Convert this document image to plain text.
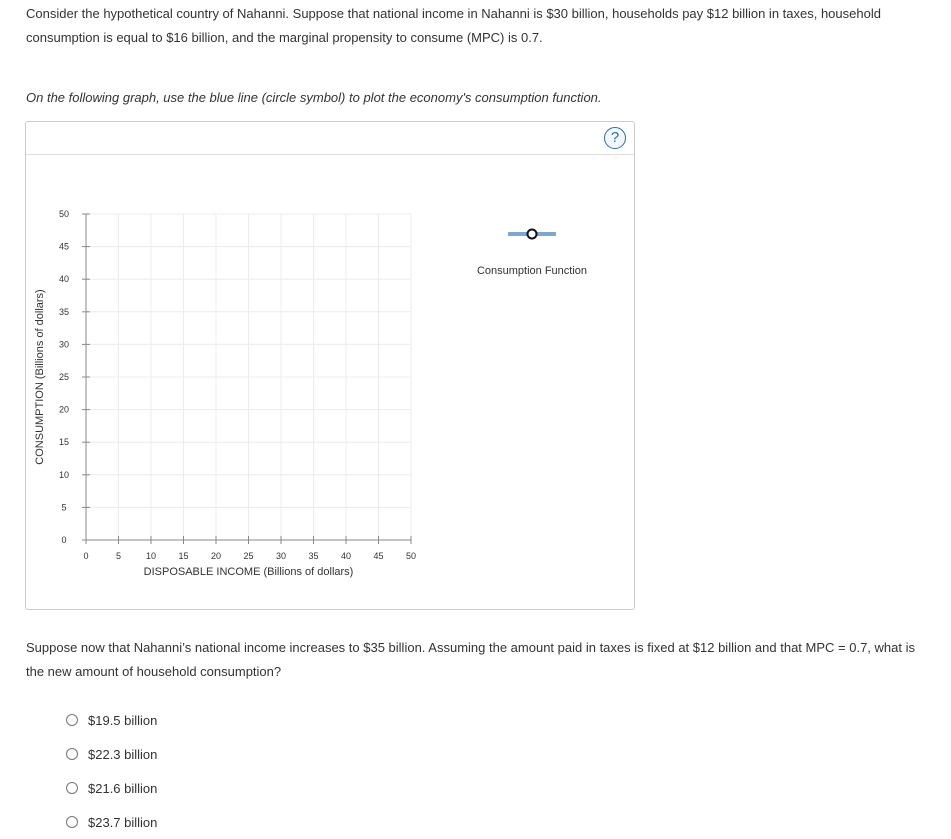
Consider the hypothetical country of Nahanni. Suppose that national income in Nahanni is $30 billion, households pay $12 billion in taxes, household consumption is equal to $16 billion, and the marginal propensity to consume (MPC) is 0.7.

On the following graph, use the blue line (circle symbol) to plot the economy's consumption function.

?
0	5	10 15 20 25 30 35 40 45 50
0
5
10
15
20
25
30
35
40
45
50
DISPOSABLE INCOME (Billions of dollars)
CONSUMPTION (Billions of dollars)
Consumption Function

Suppose now that Nahanni’s national income increases to $35 billion. Assuming the amount paid in taxes is fixed at $12 billion and that MPC = 0.7, what is the new amount of household consumption?

$19.5 billion
$22.3 billion
$21.6 billion
$23.7 billion
